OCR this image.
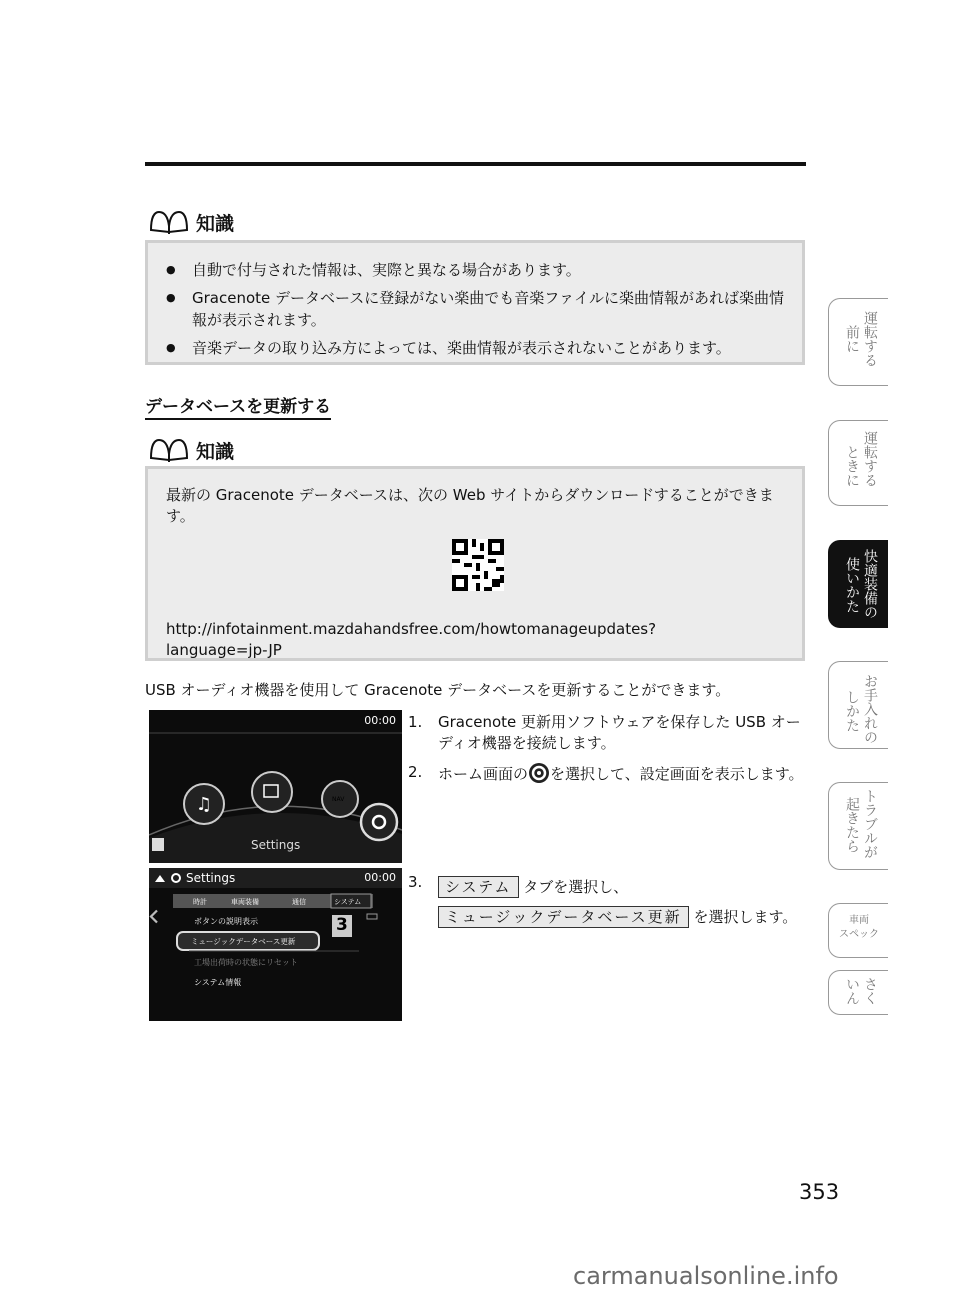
知識
● 自動で付与された情報は、実際と異なる場合があります。
● Gracenote データベースに登録がない楽曲でも音楽ファイルに楽曲情報があれば楽曲情報が表示されます。
● 音楽データの取り込み方によっては、楽曲情報が表示されないことがあります。
データベースを更新する
知識
最新の Gracenote データベースは、次の Web サイトからダウンロードすることができます。
http://infotainment.mazdahandsfree.com/howtomanageupdates?
language=jp-JP
USB オーディオ機器を使用して Gracenote データベースを更新することができます。
♫
00:00
NAV
Settings
Settings	00:00
時計	車両装備	通信	システム
ボタンの説明表示
ミュージックデータベース更新
工場出荷時の状態にリセット
システム情報
3
1.	Gracenote 更新用ソフトウェアを保存した USB オーディオ機器を接続します。
2.	ホーム画面の を選択して、設定画面を表示します。
3.	システム タブを選択し、
ミュージックデータベース更新 を選択します。
運転する
前に
運転する
ときに
快適装備の
使いかた
お手入れの
しかた
トラブルが
起きたら
車両
スペック
さく
いん
353
carmanualsonline.info
